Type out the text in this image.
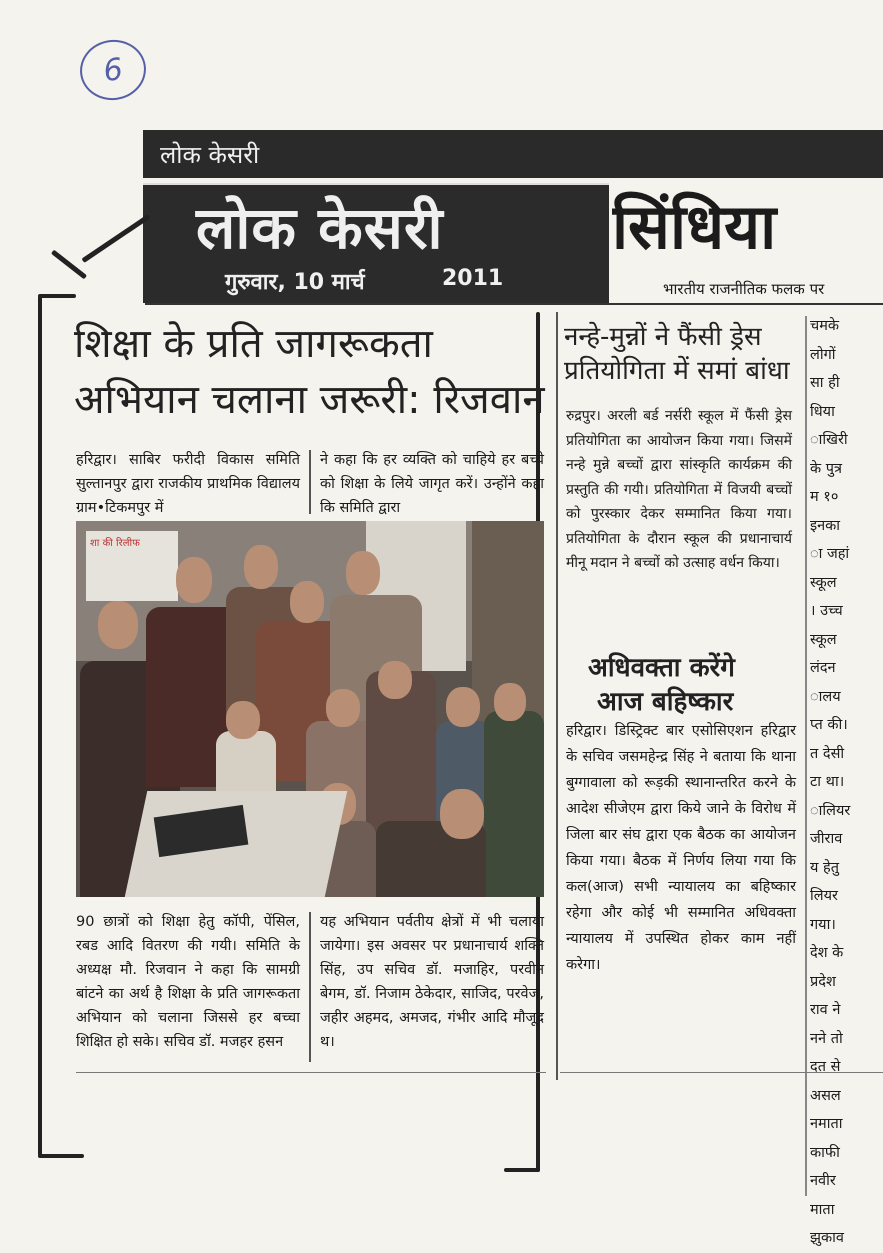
6
लोक केसरी
लोक केसरी
गुरुवार, 10 मार्च	2011
सिंधिया
भारतीय राजनीतिक फलक पर
शिक्षा के प्रति जागरूकता
अभियान चलाना जरूरी: रिजवान
हरिद्वार। साबिर फरीदी विकास समिति सुल्तानपुर द्वारा राजकीय प्राथमिक विद्यालय ग्राम•टिकमपुर में
ने कहा कि हर व्यक्ति को चाहिये हर बच्चे को शिक्षा के लिये जागृत करें। उन्होंने कहा कि समिति द्वारा
शा की रिलीफ
90 छात्रों को शिक्षा हेतु कॉपी, पेंसिल, रबड आदि वितरण की गयी। समिति के अध्यक्ष मौ. रिजवान ने कहा कि सामग्री बांटने का अर्थ है शिक्षा के प्रति जागरूकता अभियान को चलाना जिससे हर बच्चा शिक्षित हो सके। सचिव डॉ. मजहर हसन
यह अभियान पर्वतीय क्षेत्रों में भी चलाया जायेगा। इस अवसर पर प्रधानाचार्य शक्ति सिंह, उप सचिव डॉ. मजाहिर, परवीन बेगम, डॉ. निजाम ठेकेदार, साजिद, परवेज, जहीर अहमद, अमजद, गंभीर आदि मौजूद थ।
नन्हे-मुन्नों ने फैंसी ड्रेस प्रतियोगिता में समां बांधा
रुद्रपुर। अरली बर्ड नर्सरी स्कूल में फैंसी ड्रेस प्रतियोगिता का आयोजन किया गया। जिसमें नन्हे मुन्ने बच्चों द्वारा सांस्कृति कार्यक्रम की प्रस्तुति की गयी। प्रतियोगिता में विजयी बच्चों को पुरस्कार देकर सम्मानित किया गया। प्रतियोगिता के दौरान स्कूल की प्रधानाचार्य मीनू मदान ने बच्चों को उत्साह वर्धन किया।
अधिवक्ता करेंगे
आज बहिष्कार
हरिद्वार। डिस्ट्रिक्ट बार एसोसिएशन हरिद्वार के सचिव जसमहेन्द्र सिंह ने बताया कि थाना बुग्गावाला को रूड़की स्थानान्तरित करने के आदेश सीजेएम द्वारा किये जाने के विरोध में जिला बार संघ द्वारा एक बैठक का आयोजन किया गया। बैठक में निर्णय लिया गया कि कल(आज) सभी न्यायालय का बहिष्कार रहेगा और कोई भी सम्मानित अधिवक्ता न्यायालय में उपस्थित होकर काम नहीं करेगा।
चमके
लोगों
सा ही
धिया
ाखिरी
के पुत्र
म १०
इनका
ा जहां
स्कूल
। उच्च
स्कूल
लंदन
ालय
प्त की।
त देसी
टा था।
ालियर
जीराव
य हेतु
लियर
गया।
देश के
प्रदेश
राव ने
नने तो
दत से
असल
नमाता
काफी
नवीर
माता
झुकाव
